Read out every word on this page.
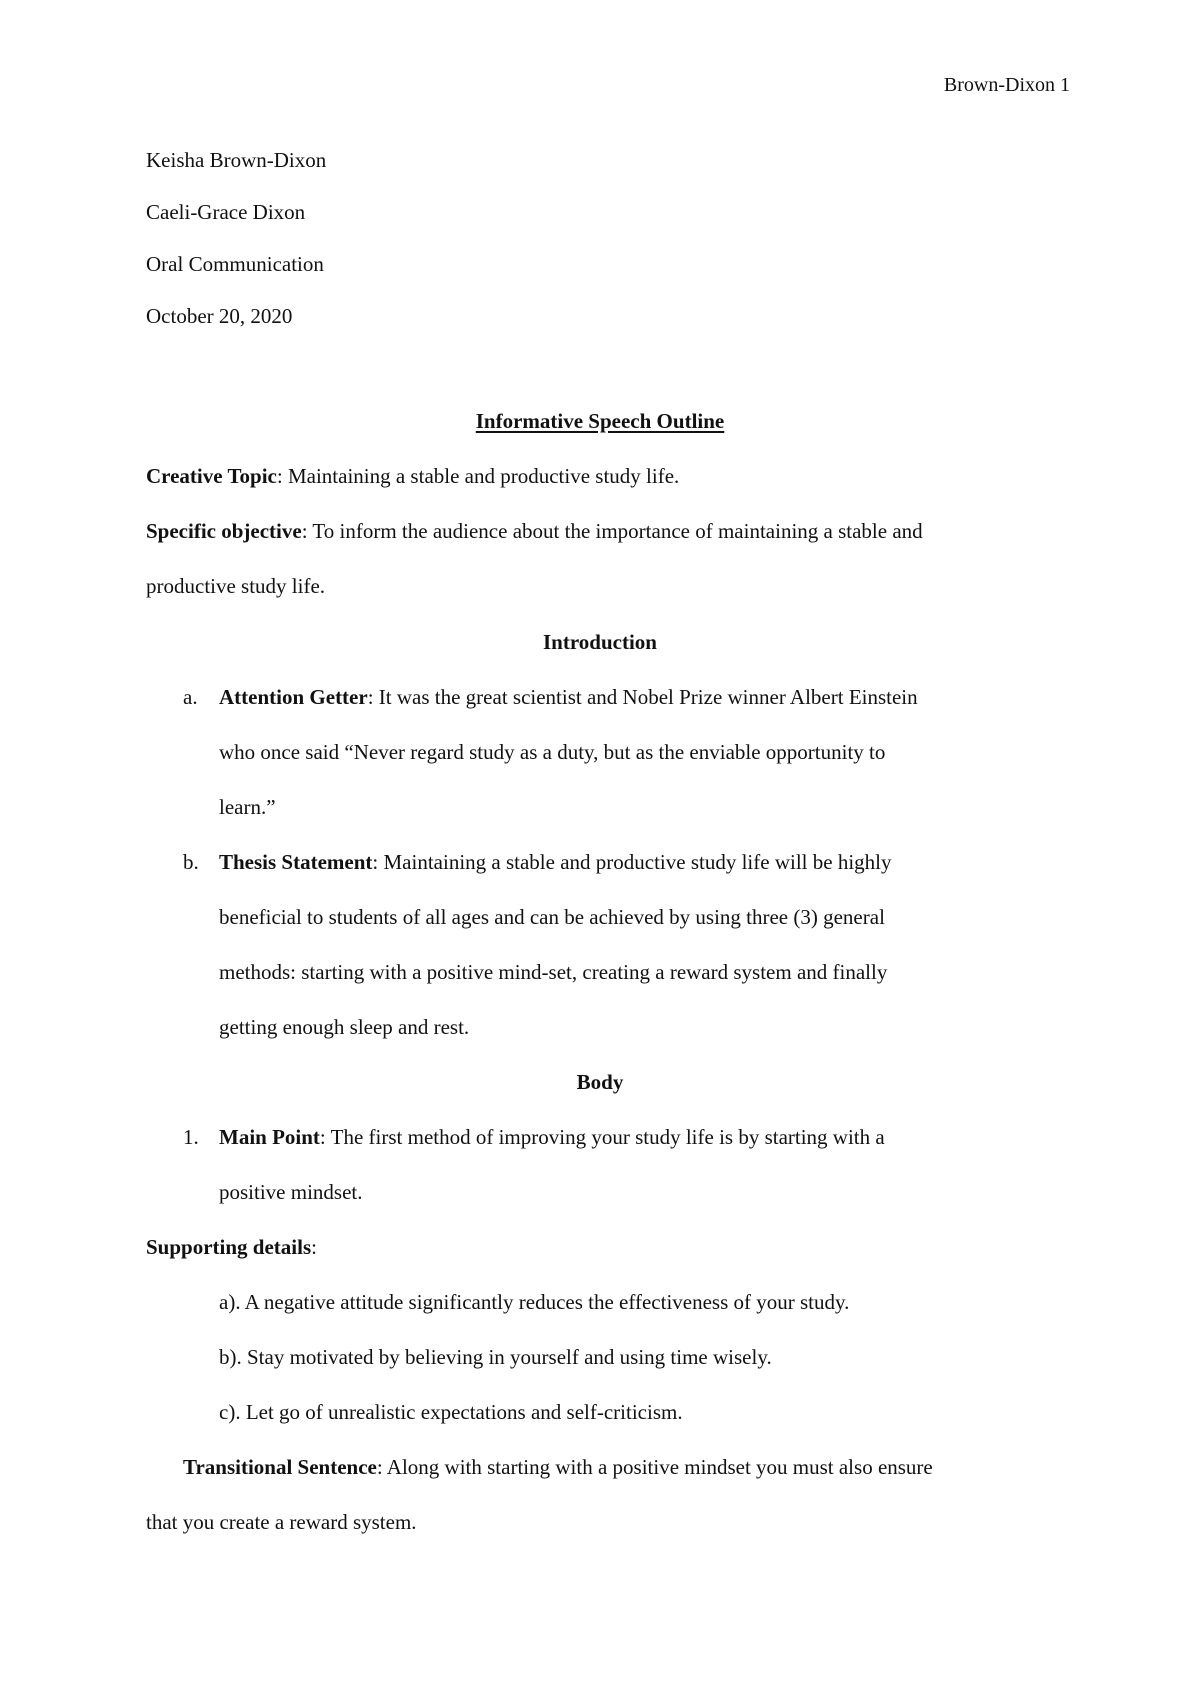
Brown-Dixon 1
Keisha Brown-Dixon
Caeli-Grace Dixon
Oral Communication
October 20, 2020
Informative Speech Outline
Creative Topic: Maintaining a stable and productive study life.
Specific objective: To inform the audience about the importance of maintaining a stable and
productive study life.
Introduction
a. Attention Getter: It was the great scientist and Nobel Prize winner Albert Einstein
who once said “Never regard study as a duty, but as the enviable opportunity to
learn.”
b. Thesis Statement: Maintaining a stable and productive study life will be highly
beneficial to students of all ages and can be achieved by using three (3) general
methods: starting with a positive mind-set, creating a reward system and finally
getting enough sleep and rest.
Body
1. Main Point: The first method of improving your study life is by starting with a
positive mindset.
Supporting details:
a). A negative attitude significantly reduces the effectiveness of your study.
b). Stay motivated by believing in yourself and using time wisely.
c). Let go of unrealistic expectations and self-criticism.
Transitional Sentence: Along with starting with a positive mindset you must also ensure
that you create a reward system.
